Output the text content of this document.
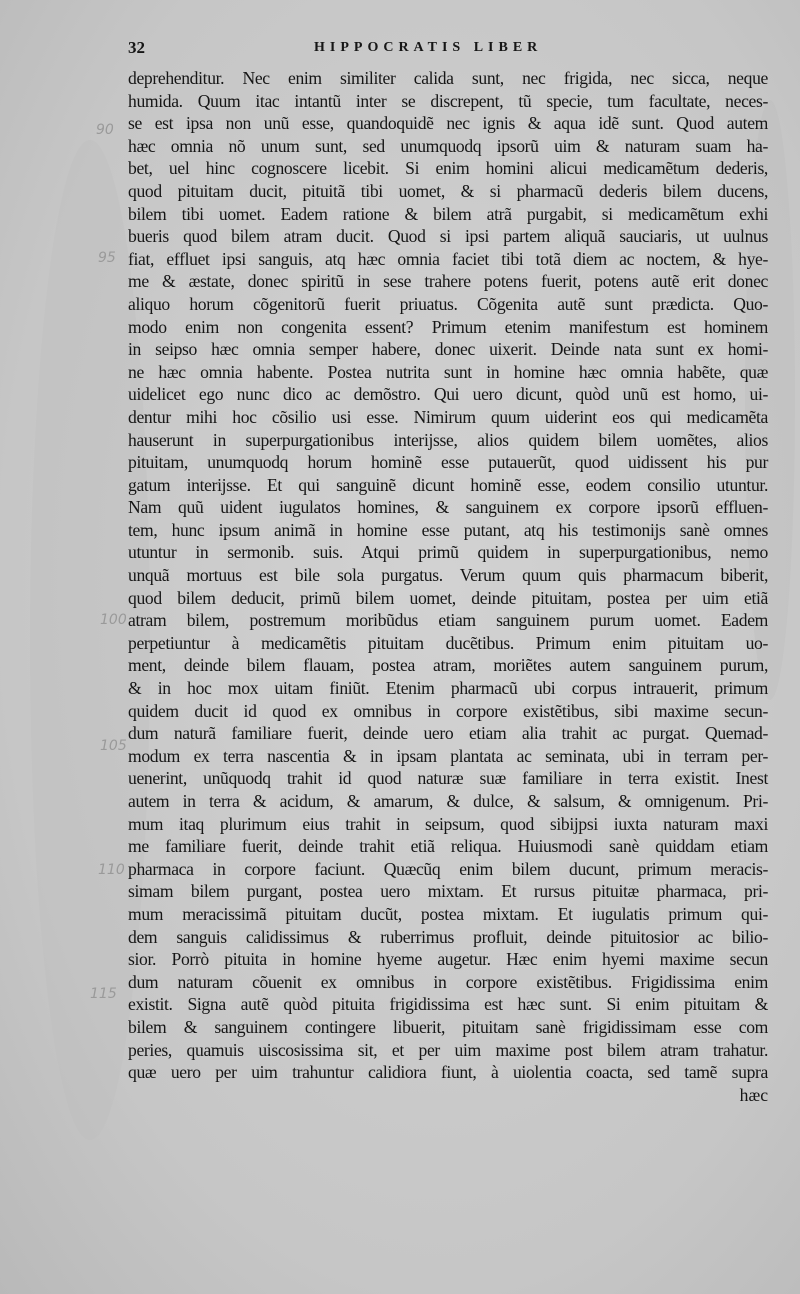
32	HIPPOCRATIS LIBER
90
95
100
105
110
115
deprehenditur. Nec enim similiter calida sunt, nec frigida, nec sicca, neque
humida. Quum itac intantũ inter se discrepent, tũ specie, tum facultate, neces-
se est ipsa non unũ esse, quandoquidẽ nec ignis & aqua idẽ sunt. Quod autem
hæc omnia nõ unum sunt, sed unumquodq ipsorũ uim & naturam suam ha-
bet, uel hinc cognoscere licebit. Si enim homini alicui medicamẽtum dederis,
quod pituitam ducit, pituitã tibi uomet, & si pharmacũ dederis bilem ducens,
bilem tibi uomet. Eadem ratione & bilem atrã purgabit, si medicamẽtum exhi
bueris quod bilem atram ducit. Quod si ipsi partem aliquã sauciaris, ut uulnus
fiat, effluet ipsi sanguis, atq hæc omnia faciet tibi totã diem ac noctem, & hye-
me & æstate, donec spiritũ in sese trahere potens fuerit, potens autẽ erit donec
aliquo horum cõgenitorũ fuerit priuatus. Cõgenita autẽ sunt prædicta. Quo-
modo enim non congenita essent? Primum etenim manifestum est hominem
in seipso hæc omnia semper habere, donec uixerit. Deinde nata sunt ex homi-
ne hæc omnia habente. Postea nutrita sunt in homine hæc omnia habẽte, quæ
uidelicet ego nunc dico ac demõstro. Qui uero dicunt, quòd unũ est homo, ui-
dentur mihi hoc cõsilio usi esse. Nimirum quum uiderint eos qui medicamẽta
hauserunt in superpurgationibus interijsse, alios quidem bilem uomẽtes, alios
pituitam, unumquodq horum hominẽ esse putauerũt, quod uidissent his pur
gatum interijsse. Et qui sanguinẽ dicunt hominẽ esse, eodem consilio utuntur.
Nam quũ uident iugulatos homines, & sanguinem ex corpore ipsorũ effluen-
tem, hunc ipsum animã in homine esse putant, atq his testimonijs sanè omnes
utuntur in sermonib. suis. Atqui primũ quidem in superpurgationibus, nemo
unquã mortuus est bile sola purgatus. Verum quum quis pharmacum biberit,
quod bilem deducit, primũ bilem uomet, deinde pituitam, postea per uim etiã
atram bilem, postremum moribũdus etiam sanguinem purum uomet. Eadem
perpetiuntur à medicamẽtis pituitam ducẽtibus. Primum enim pituitam uo-
ment, deinde bilem flauam, postea atram, moriẽtes autem sanguinem purum,
& in hoc mox uitam finiũt. Etenim pharmacũ ubi corpus intrauerit, primum
quidem ducit id quod ex omnibus in corpore existẽtibus, sibi maxime secun-
dum naturã familiare fuerit, deinde uero etiam alia trahit ac purgat. Quemad-
modum ex terra nascentia & in ipsam plantata ac seminata, ubi in terram per-
uenerint, unũquodq trahit id quod naturæ suæ familiare in terra existit. Inest
autem in terra & acidum, & amarum, & dulce, & salsum, & omnigenum. Pri-
mum itaq plurimum eius trahit in seipsum, quod sibijpsi iuxta naturam maxi
me familiare fuerit, deinde trahit etiã reliqua. Huiusmodi sanè quiddam etiam
pharmaca in corpore faciunt. Quæcũq enim bilem ducunt, primum meracis-
simam bilem purgant, postea uero mixtam. Et rursus pituitæ pharmaca, pri-
mum meracissimã pituitam ducũt, postea mixtam. Et iugulatis primum qui-
dem sanguis calidissimus & ruberrimus profluit, deinde pituitosior ac bilio-
sior. Porrò pituita in homine hyeme augetur. Hæc enim hyemi maxime secun
dum naturam cõuenit ex omnibus in corpore existẽtibus. Frigidissima enim
existit. Signa autẽ quòd pituita frigidissima est hæc sunt. Si enim pituitam &
bilem & sanguinem contingere libuerit, pituitam sanè frigidissimam esse com
peries, quamuis uiscosissima sit, et per uim maxime post bilem atram trahatur.
quæ uero per uim trahuntur calidiora fiunt, à uiolentia coacta, sed tamẽ supra
hæc
